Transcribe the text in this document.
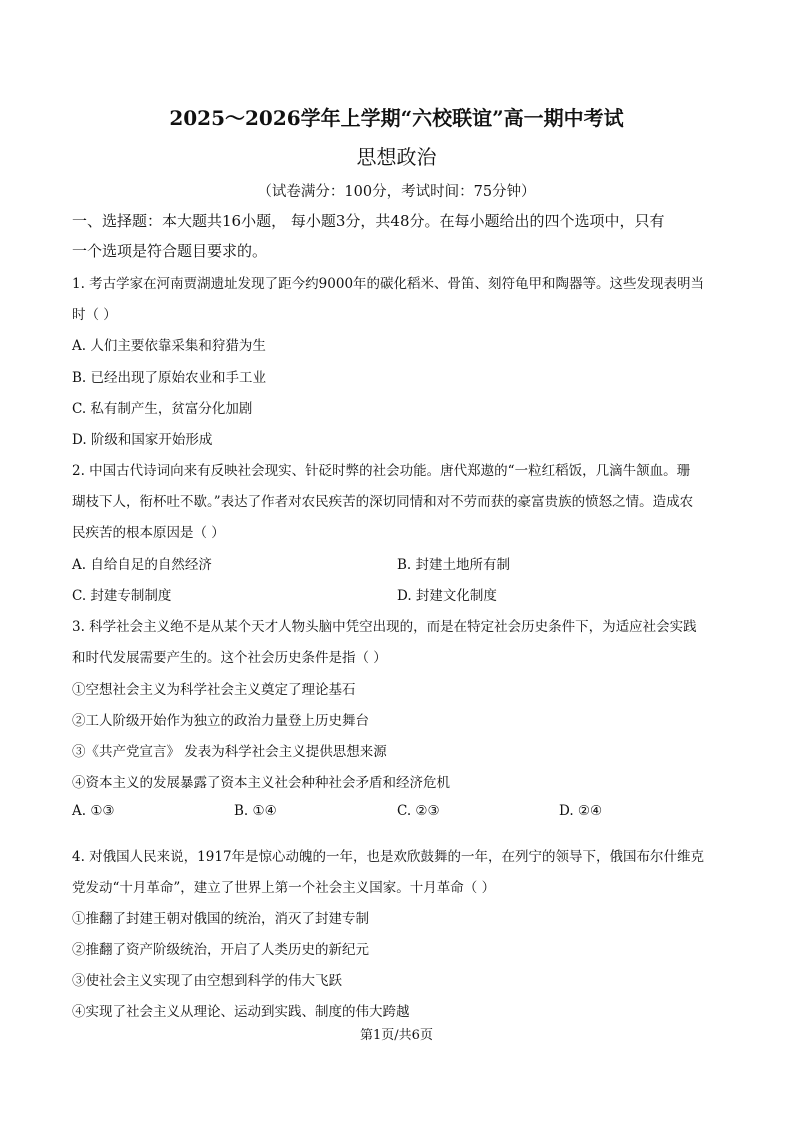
2025～2026学年上学期“六校联谊”高一期中考试
思想政治
（试卷满分：100分，考试时间：75分钟）
一、选择题：本大题共16小题， 每小题3分，共48分。在每小题给出的四个选项中，只有
一个选项是符合题目要求的。
1. 考古学家在河南贾湖遗址发现了距今约9000年的碳化稻米、骨笛、刻符龟甲和陶器等。这些发现表明当
时（ ）
A. 人们主要依靠采集和狩猎为生
B. 已经出现了原始农业和手工业
C. 私有制产生，贫富分化加剧
D. 阶级和国家开始形成
2. 中国古代诗词向来有反映社会现实、针砭时弊的社会功能。唐代郑遨的“一粒红稻饭，几滴牛颔血。珊
瑚枝下人，衔杯吐不歇。”表达了作者对农民疾苦的深切同情和对不劳而获的豪富贵族的愤怒之情。造成农
民疾苦的根本原因是（ ）
A. 自给自足的自然经济	B. 封建土地所有制
C. 封建专制制度	D. 封建文化制度
3. 科学社会主义绝不是从某个天才人物头脑中凭空出现的，而是在特定社会历史条件下，为适应社会实践
和时代发展需要产生的。这个社会历史条件是指（ ）
①空想社会主义为科学社会主义奠定了理论基石
②工人阶级开始作为独立的政治力量登上历史舞台
③《共产党宣言》 发表为科学社会主义提供思想来源
④资本主义的发展暴露了资本主义社会种种社会矛盾和经济危机
A. ①③	B. ①④	C. ②③	D. ②④
4. 对俄国人民来说，1917年是惊心动魄的一年，也是欢欣鼓舞的一年，在列宁的领导下，俄国布尔什维克
党发动“十月革命”，建立了世界上第一个社会主义国家。十月革命（ ）
①推翻了封建王朝对俄国的统治，消灭了封建专制
②推翻了资产阶级统治，开启了人类历史的新纪元
③使社会主义实现了由空想到科学的伟大飞跃
④实现了社会主义从理论、运动到实践、制度的伟大跨越
第1页/共6页
